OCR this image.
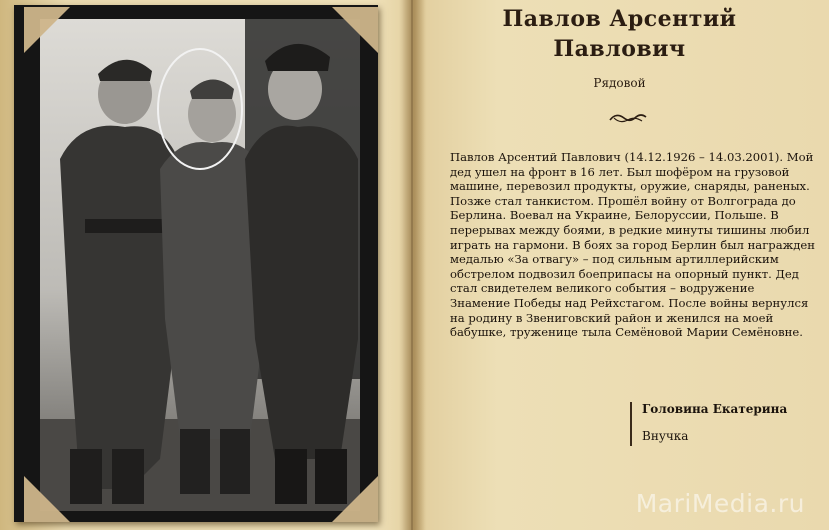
Павлов Арсентий
Павлович
Рядовой
Павлов Арсентий Павлович (14.12.1926 – 14.03.2001). Мой дед ушел на фронт в 16 лет. Был шофёром на грузовой машине, перевозил продукты, оружие, снаряды, раненых. Позже стал танкистом. Прошёл войну от Волгограда до Берлина. Воевал на Украине, Белоруссии, Польше. В перерывах между боями, в редкие минуты тишины любил играть на гармони. В боях за город Берлин был награжден медалью «За отвагу» – под сильным артиллерийским обстрелом подвозил боеприпасы на опорный пункт. Дед стал свидетелем великого события – водружение Знамение Победы над Рейхстагом. После войны вернулся на родину в Звениговский район и женился на моей бабушке, труженице тыла Семёновой Марии Семёновне.
Головина Екатерина
Внучка
MariMedia.ru
